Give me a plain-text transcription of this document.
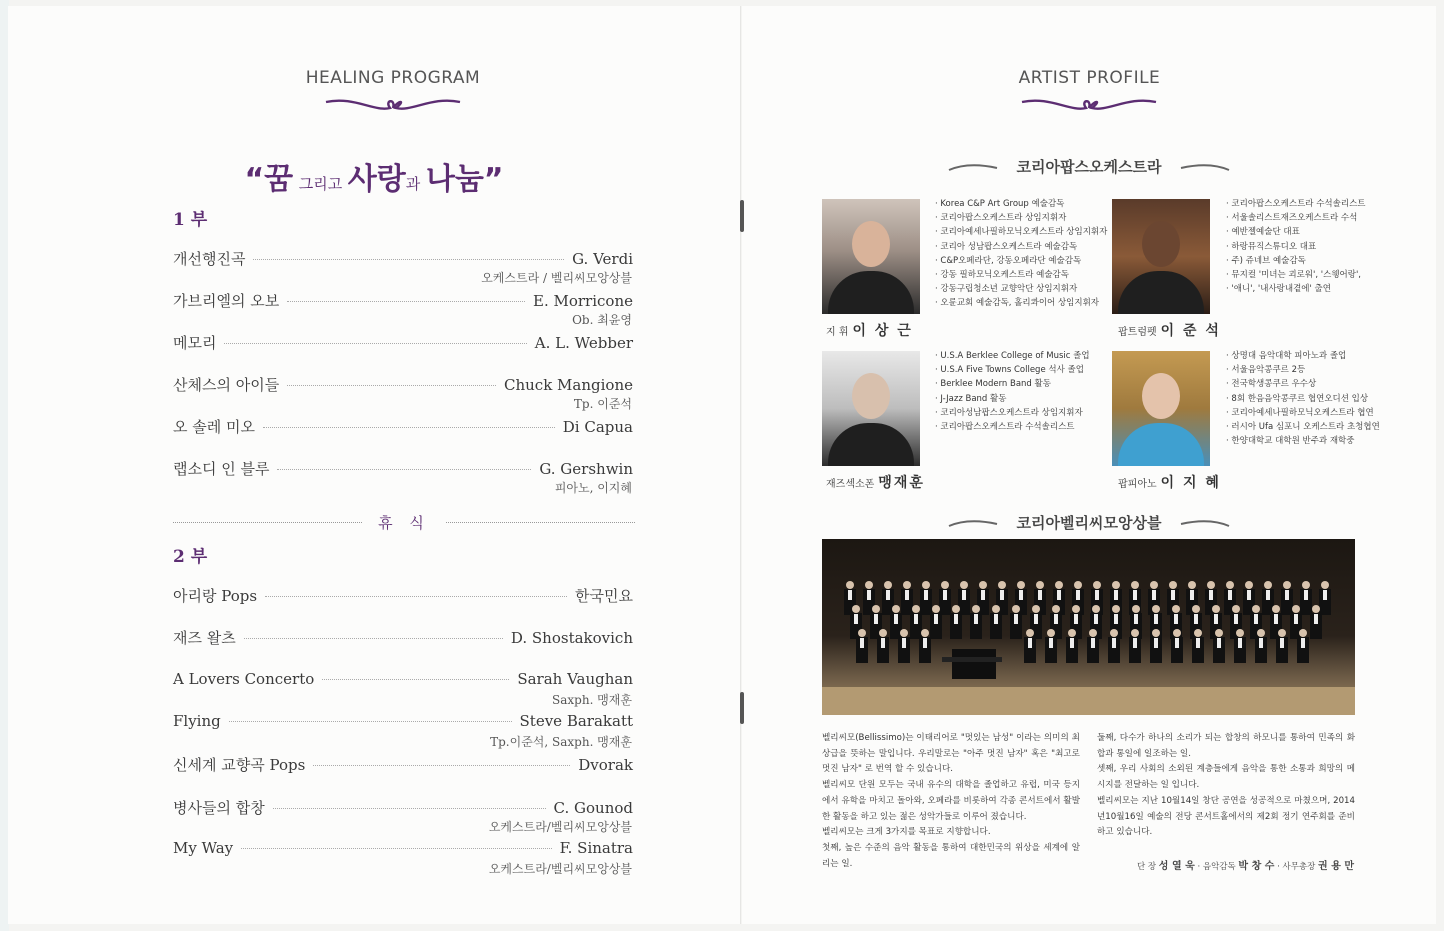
HEALING PROGRAM
“꿈 그리고 사랑과 나눔”
1 부
개선행진곡	G. Verdi
오케스트라 / 벨리씨모앙상블
가브리엘의 오보	E. Morricone
Ob. 최윤영
메모리	A. L. Webber
산체스의 아이들	Chuck Mangione
Tp. 이준석
오 솔레 미오	Di Capua
랩소디 인 블루	G. Gershwin
피아노, 이지혜
휴 식
2 부
아리랑 Pops	한국민요
재즈 왈츠	D. Shostakovich
A Lovers Concerto	Sarah Vaughan
Saxph. 맹재훈
Flying	Steve Barakatt
Tp.이준석, Saxph. 맹재훈
신세계 교향곡 Pops	Dvorak
병사들의 합창	C. Gounod
오케스트라/벨리씨모앙상블
My Way	F. Sinatra
오케스트라/벨리씨모앙상블
ARTIST PROFILE
코리아팝스오케스트라
지 휘 이 상 근
· Korea C&P Art Group 예술감독
· 코리아팝스오케스트라 상임지휘자
· 코리아예세나필하모닉오케스트라 상임지휘자
· 코리아 성남팝스오케스트라 예술감독
· C&P오페라단, 강동오페라단 예술감독
· 강동 필하모닉오케스트라 예술감독
· 강동구립청소년 교향악단 상임지휘자
· 오륜교회 예술감독, 홀리콰이어 상임지휘자
팝트럼펫 이 준 석
· 코리아팝스오케스트라 수석솔리스트
· 서울솔리스트재즈오케스트라 수석
· 예반젤예술단 대표
· 하랑뮤직스튜디오 대표
· 주) 쥬네브 예술감독
· 뮤지컬 '미녀는 괴로워', '스웽어랑',
· '애니', '내사랑내곁에' 출연
재즈섹소폰 맹재훈
· U.S.A Berklee College of Music 졸업
· U.S.A Five Towns College 석사 졸업
· Berklee Modern Band 활동
· J-Jazz Band 활동
· 코리아성남팝스오케스트라 상임지휘자
· 코리아팝스오케스트라 수석솔리스트
팝피아노 이 지 혜
· 상명대 음악대학 피아노과 졸업
· 서울음악콩쿠르 2등
· 전국학생콩쿠르 우수상
· 8회 한음음악콩쿠르 협연오디션 입상
· 코리아예세나필하모닉오케스트라 협연
· 러시아 Ufa 심포니 오케스트라 초청협연
· 한양대학교 대학원 반주과 재학중
코리아벨리씨모앙상블

벨리씨모(Bellissimo)는 이태리어로 "멋있는 남성" 이라는 의미의 최상급을 뜻하는 말입니다. 우리말로는 "아주 멋진 남자" 혹은 "최고로 멋진 남자" 로 번역 할 수 있습니다.

벨리씨모 단원 모두는 국내 유수의 대학을 졸업하고 유럽, 미국 등지에서 유학을 마치고 돌아와, 오페라를 비롯하여 각종 콘서트에서 활발한 활동을 하고 있는 젊은 성악가들로 이루어 졌습니다.

벨리씨모는 크게 3가지를 목표로 지향합니다.

첫째, 높은 수준의 음악 활동을 통하여 대한민국의 위상을 세계에 알리는 일.

둘째, 다수가 하나의 소리가 되는 합창의 하모니를 통하여 민족의 화합과 통일에 일조하는 일.

셋째, 우리 사회의 소외된 계층들에게 음악을 통한 소통과 희망의 메시지를 전달하는 일 입니다.

벨리씨모는 지난 10월14일 창단 공연을 성공적으로 마쳤으며, 2014년10월16일 예술의 전당 콘서트홀에서의 제2회 정기 연주회를 준비하고 있습니다.

단 장 성 열 욱 · 음악감독 박 창 수 · 사무총장 권 용 만
